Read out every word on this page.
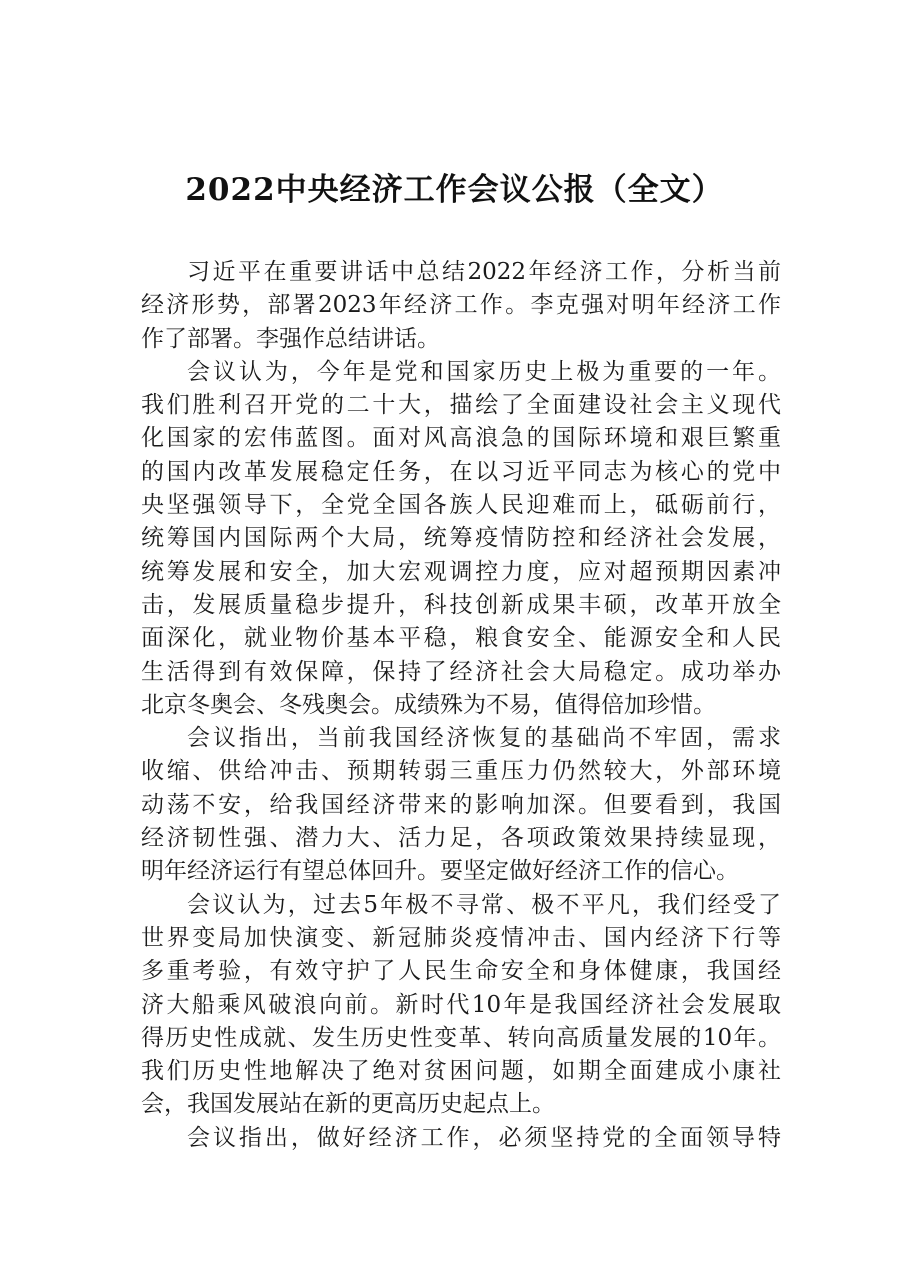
2022中央经济工作会议公报（全文）
习近平在重要讲话中总结2022年经济工作，分析当前
经济形势，部署2023年经济工作。李克强对明年经济工作
作了部署。李强作总结讲话。
会议认为，今年是党和国家历史上极为重要的一年。
我们胜利召开党的二十大，描绘了全面建设社会主义现代
化国家的宏伟蓝图。面对风高浪急的国际环境和艰巨繁重
的国内改革发展稳定任务，在以习近平同志为核心的党中
央坚强领导下，全党全国各族人民迎难而上，砥砺前行，
统筹国内国际两个大局，统筹疫情防控和经济社会发展，
统筹发展和安全，加大宏观调控力度，应对超预期因素冲
击，发展质量稳步提升，科技创新成果丰硕，改革开放全
面深化，就业物价基本平稳，粮食安全、能源安全和人民
生活得到有效保障，保持了经济社会大局稳定。成功举办
北京冬奥会、冬残奥会。成绩殊为不易，值得倍加珍惜。
会议指出，当前我国经济恢复的基础尚不牢固，需求
收缩、供给冲击、预期转弱三重压力仍然较大，外部环境
动荡不安，给我国经济带来的影响加深。但要看到，我国
经济韧性强、潜力大、活力足，各项政策效果持续显现，
明年经济运行有望总体回升。要坚定做好经济工作的信心。
会议认为，过去5年极不寻常、极不平凡，我们经受了
世界变局加快演变、新冠肺炎疫情冲击、国内经济下行等
多重考验，有效守护了人民生命安全和身体健康，我国经
济大船乘风破浪向前。新时代10年是我国经济社会发展取
得历史性成就、发生历史性变革、转向高质量发展的10年。
我们历史性地解决了绝对贫困问题，如期全面建成小康社
会，我国发展站在新的更高历史起点上。
会议指出，做好经济工作，必须坚持党的全面领导特
